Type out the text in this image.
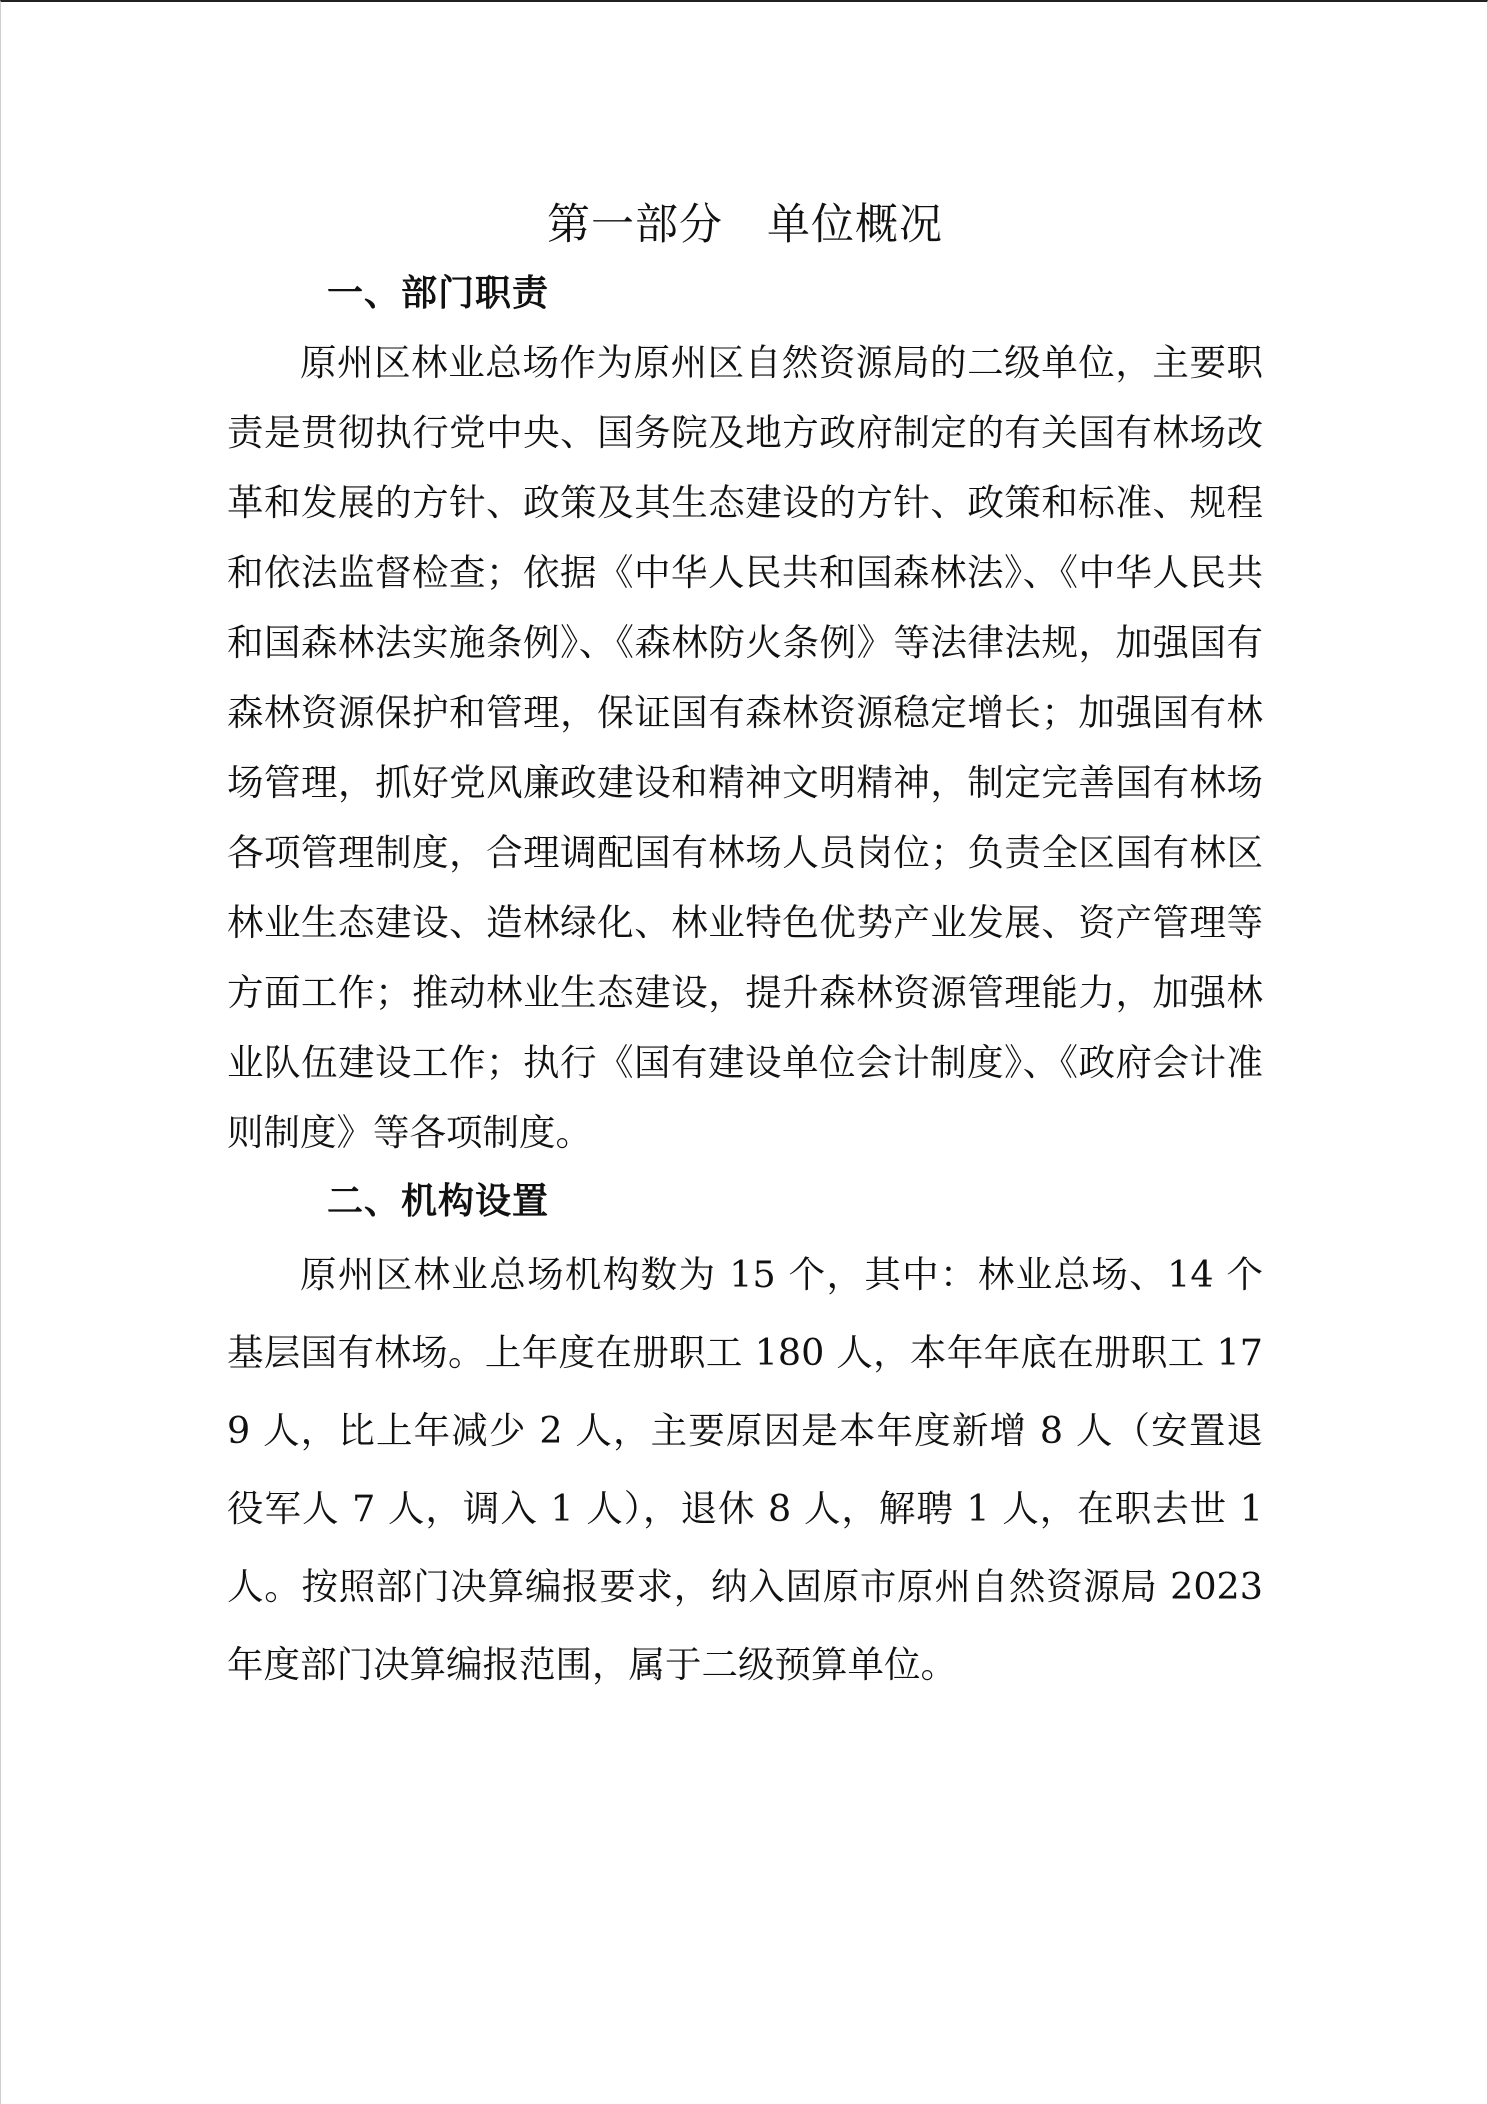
第一部分　单位概况
一、部门职责

原州区林业总场作为原州区自然资源局的二级单位，主要职责是贯彻执行党中央、国务院及地方政府制定的有关国有林场改革和发展的方针、政策及其生态建设的方针、政策和标准、规程和依法监督检查；依据《中华人民共和国森林法》、《中华人民共和国森林法实施条例》、《森林防火条例》等法律法规，加强国有森林资源保护和管理，保证国有森林资源稳定增长；加强国有林场管理，抓好党风廉政建设和精神文明精神，制定完善国有林场各项管理制度，合理调配国有林场人员岗位；负责全区国有林区林业生态建设、造林绿化、林业特色优势产业发展、资产管理等方面工作；推动林业生态建设，提升森林资源管理能力，加强林业队伍建设工作；执行《国有建设单位会计制度》、《政府会计准则制度》等各项制度。

二、机构设置

原州区林业总场机构数为 15 个，其中：林业总场、14 个基层国有林场。上年度在册职工 180 人，本年年底在册职工 179 人，比上年减少 2 人，主要原因是本年度新增 8 人（安置退役军人 7 人，调入 1 人），退休 8 人，解聘 1 人，在职去世 1 人。按照部门决算编报要求，纳入固原市原州自然资源局 2023 年度部门决算编报范围，属于二级预算单位。
